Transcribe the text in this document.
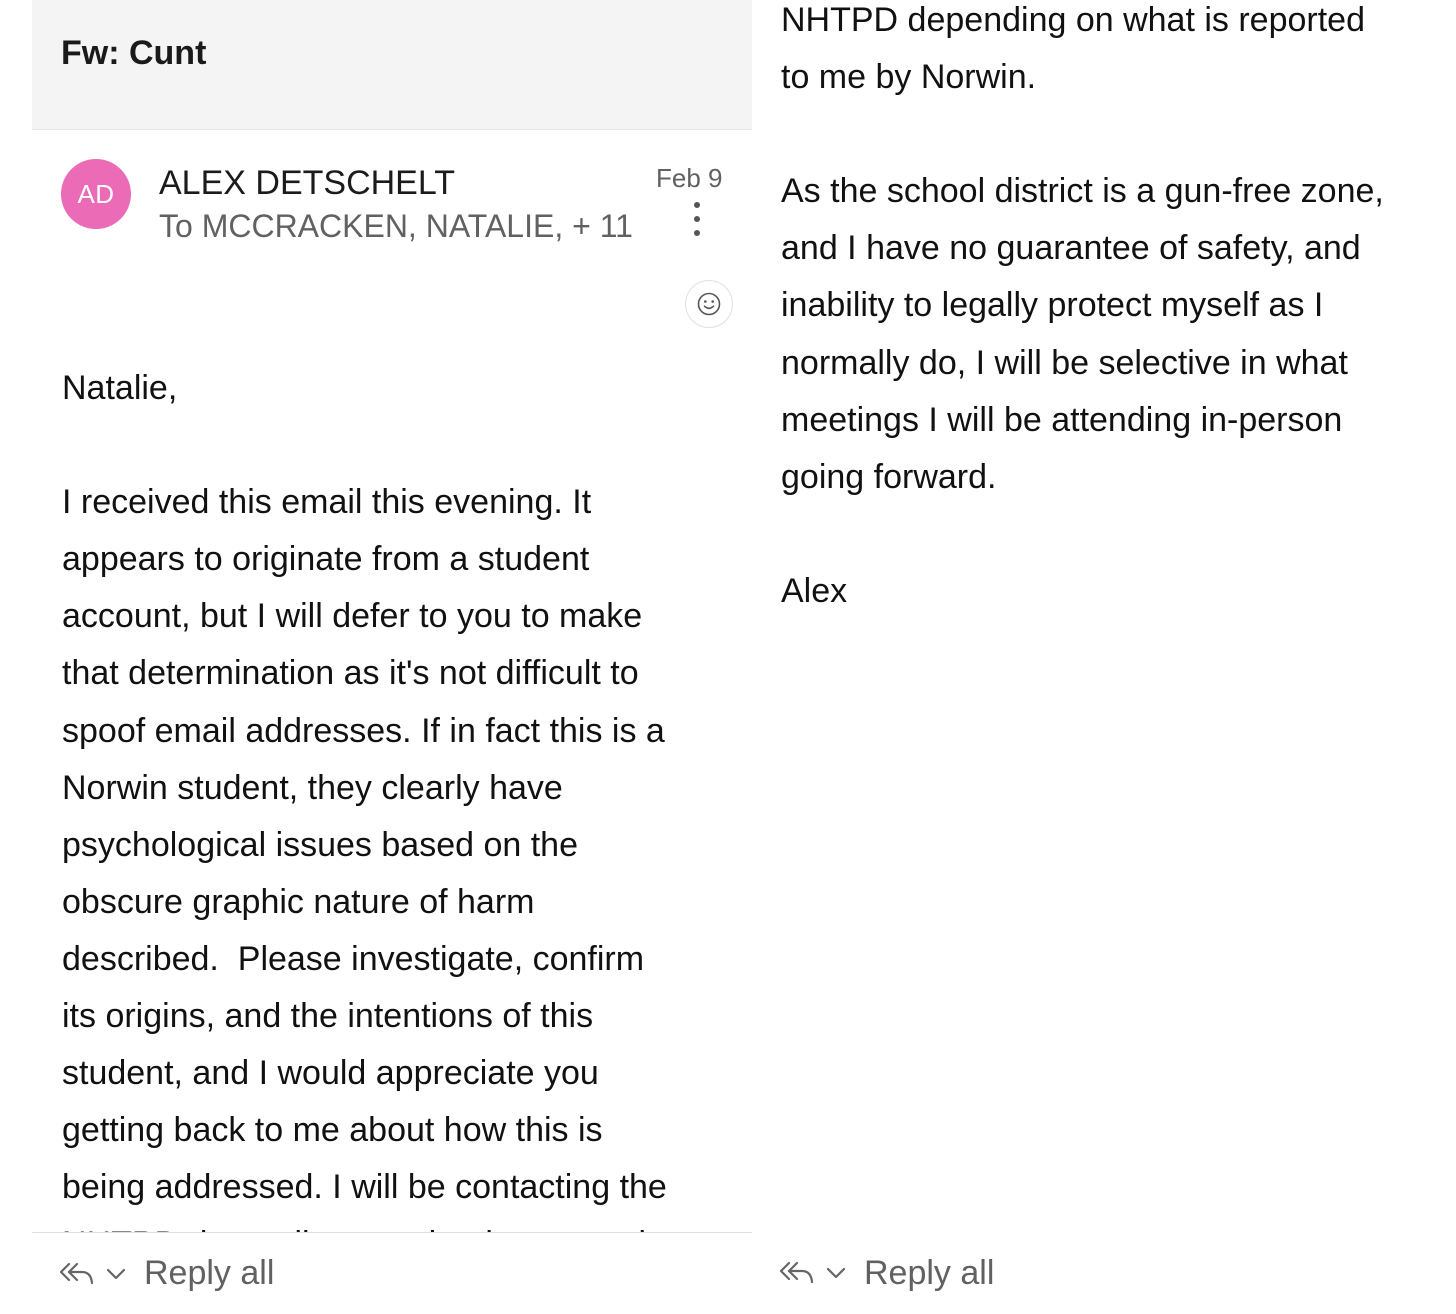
Fw: Cunt
AD ALEX DETSCHELT
To MCCRACKEN, NATALIE, + 11
Feb 9
Natalie,
I received this email this evening. It
appears to originate from a student
account, but I will defer to you to make
that determination as it's not difficult to
spoof email addresses. If in fact this is a
Norwin student, they clearly have
psychological issues based on the
obscure graphic nature of harm
described.  Please investigate, confirm
its origins, and the intentions of this
student, and I would appreciate you
getting back to me about how this is
being addressed. I will be contacting the
Reply all
NHTPD depending on what is reported
to me by Norwin.
As the school district is a gun-free zone,
and I have no guarantee of safety, and
inability to legally protect myself as I
normally do, I will be selective in what
meetings I will be attending in-person
going forward.
Alex
Reply all
